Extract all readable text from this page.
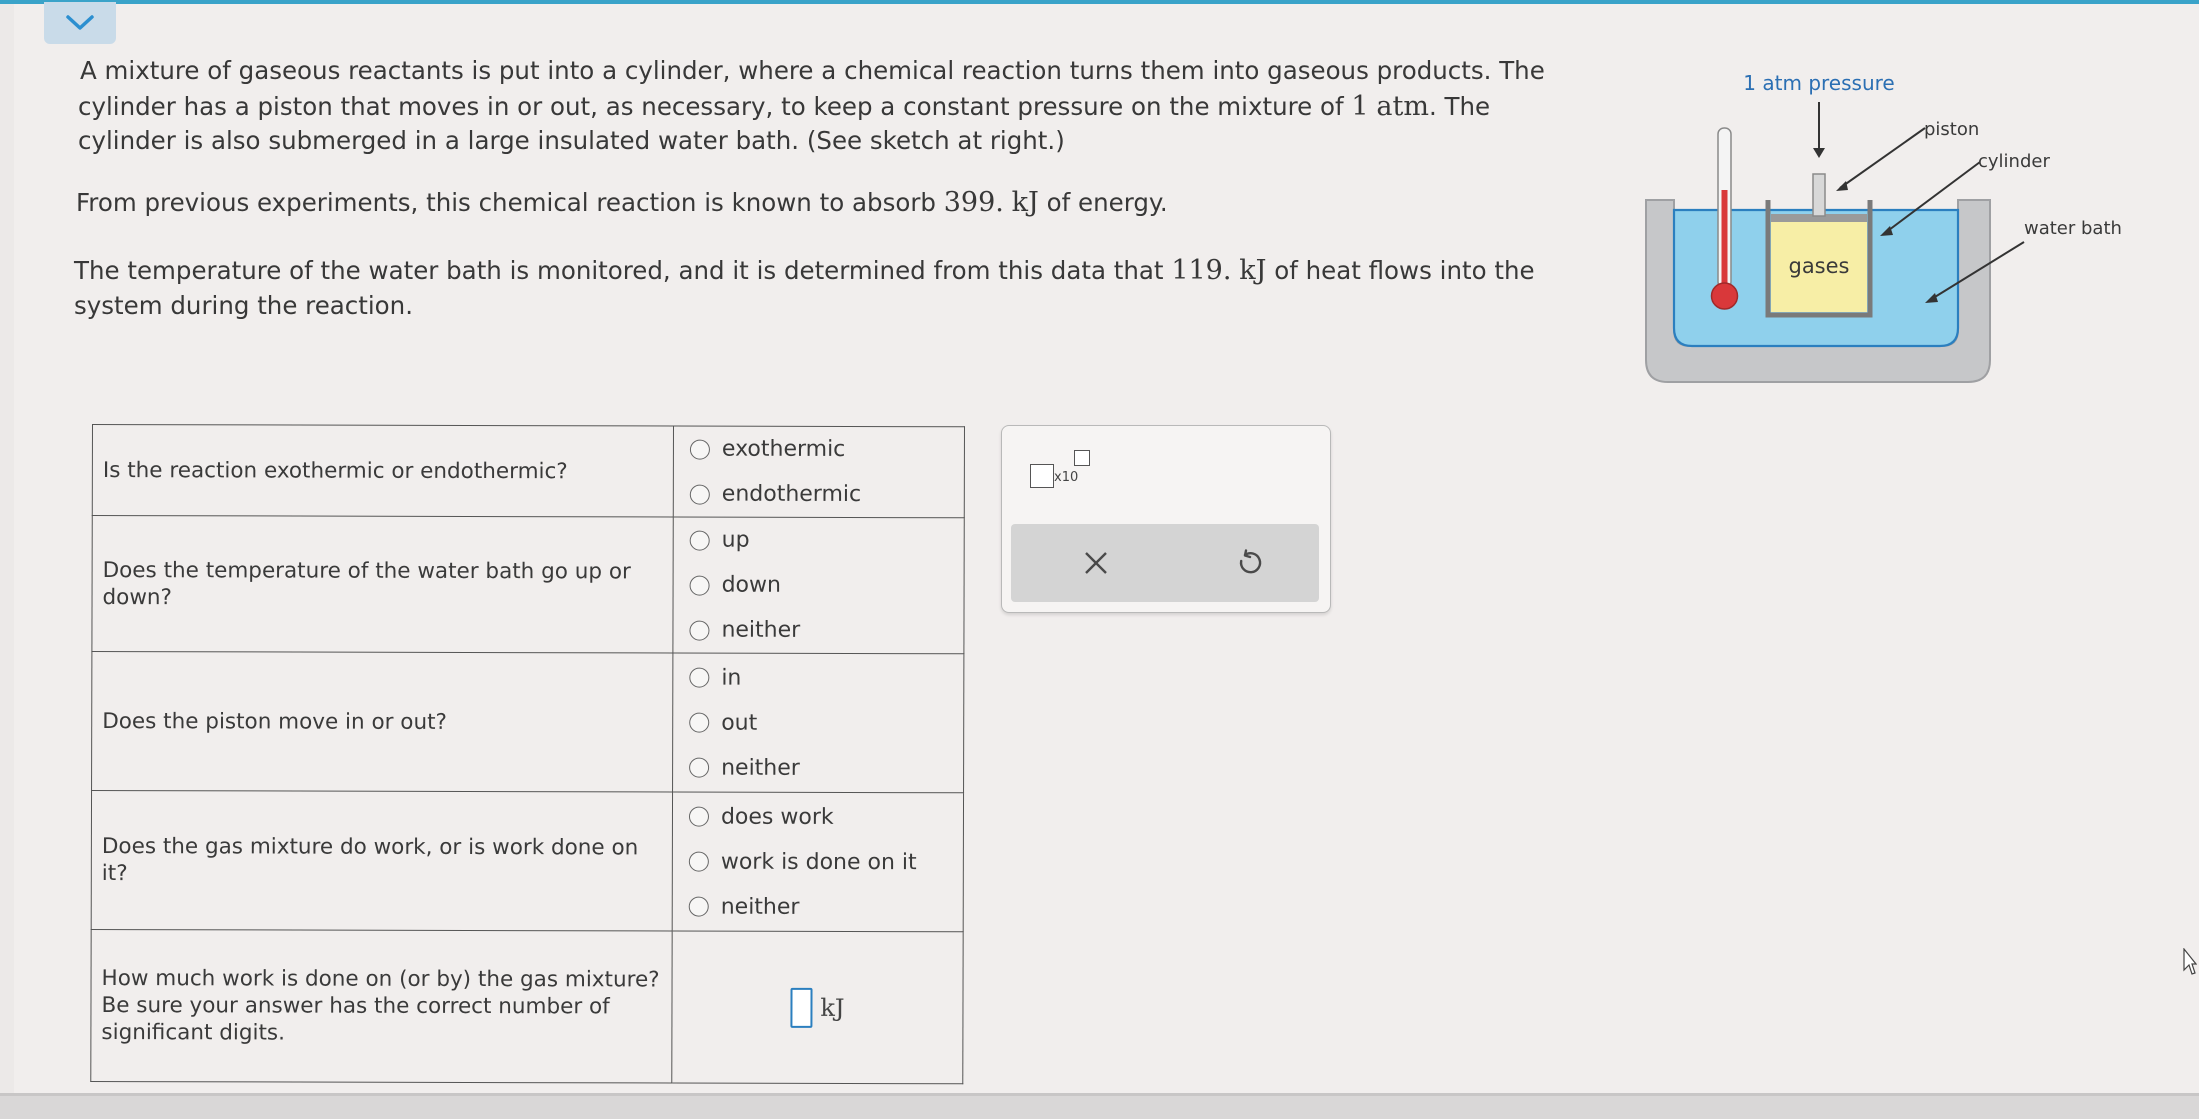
A mixture of gaseous reactants is put into a cylinder, where a chemical reaction turns them into gaseous products. The

cylinder has a piston that moves in or out, as necessary, to keep a constant pressure on the mixture of 1 atm. The

cylinder is also submerged in a large insulated water bath. (See sketch at right.)

From previous experiments, this chemical reaction is known to absorb 399. kJ of energy.

The temperature of the water bath is monitored, and it is determined from this data that 119. kJ of heat flows into the

system during the reaction.

Is the reaction exothermic or endothermic?	exothermic
endothermic

Does the temperature of the water bath go up or down?	up
down
neither

Does the piston move in or out?	in
out
neither

Does the gas mixture do work, or is work done on it?	does work
work is done on it
neither

How much work is done on (or by) the gas mixture? Be sure your answer has the correct number of significant digits.	kJ
x10
gases
1 atm pressure
piston
cylinder
water bath
